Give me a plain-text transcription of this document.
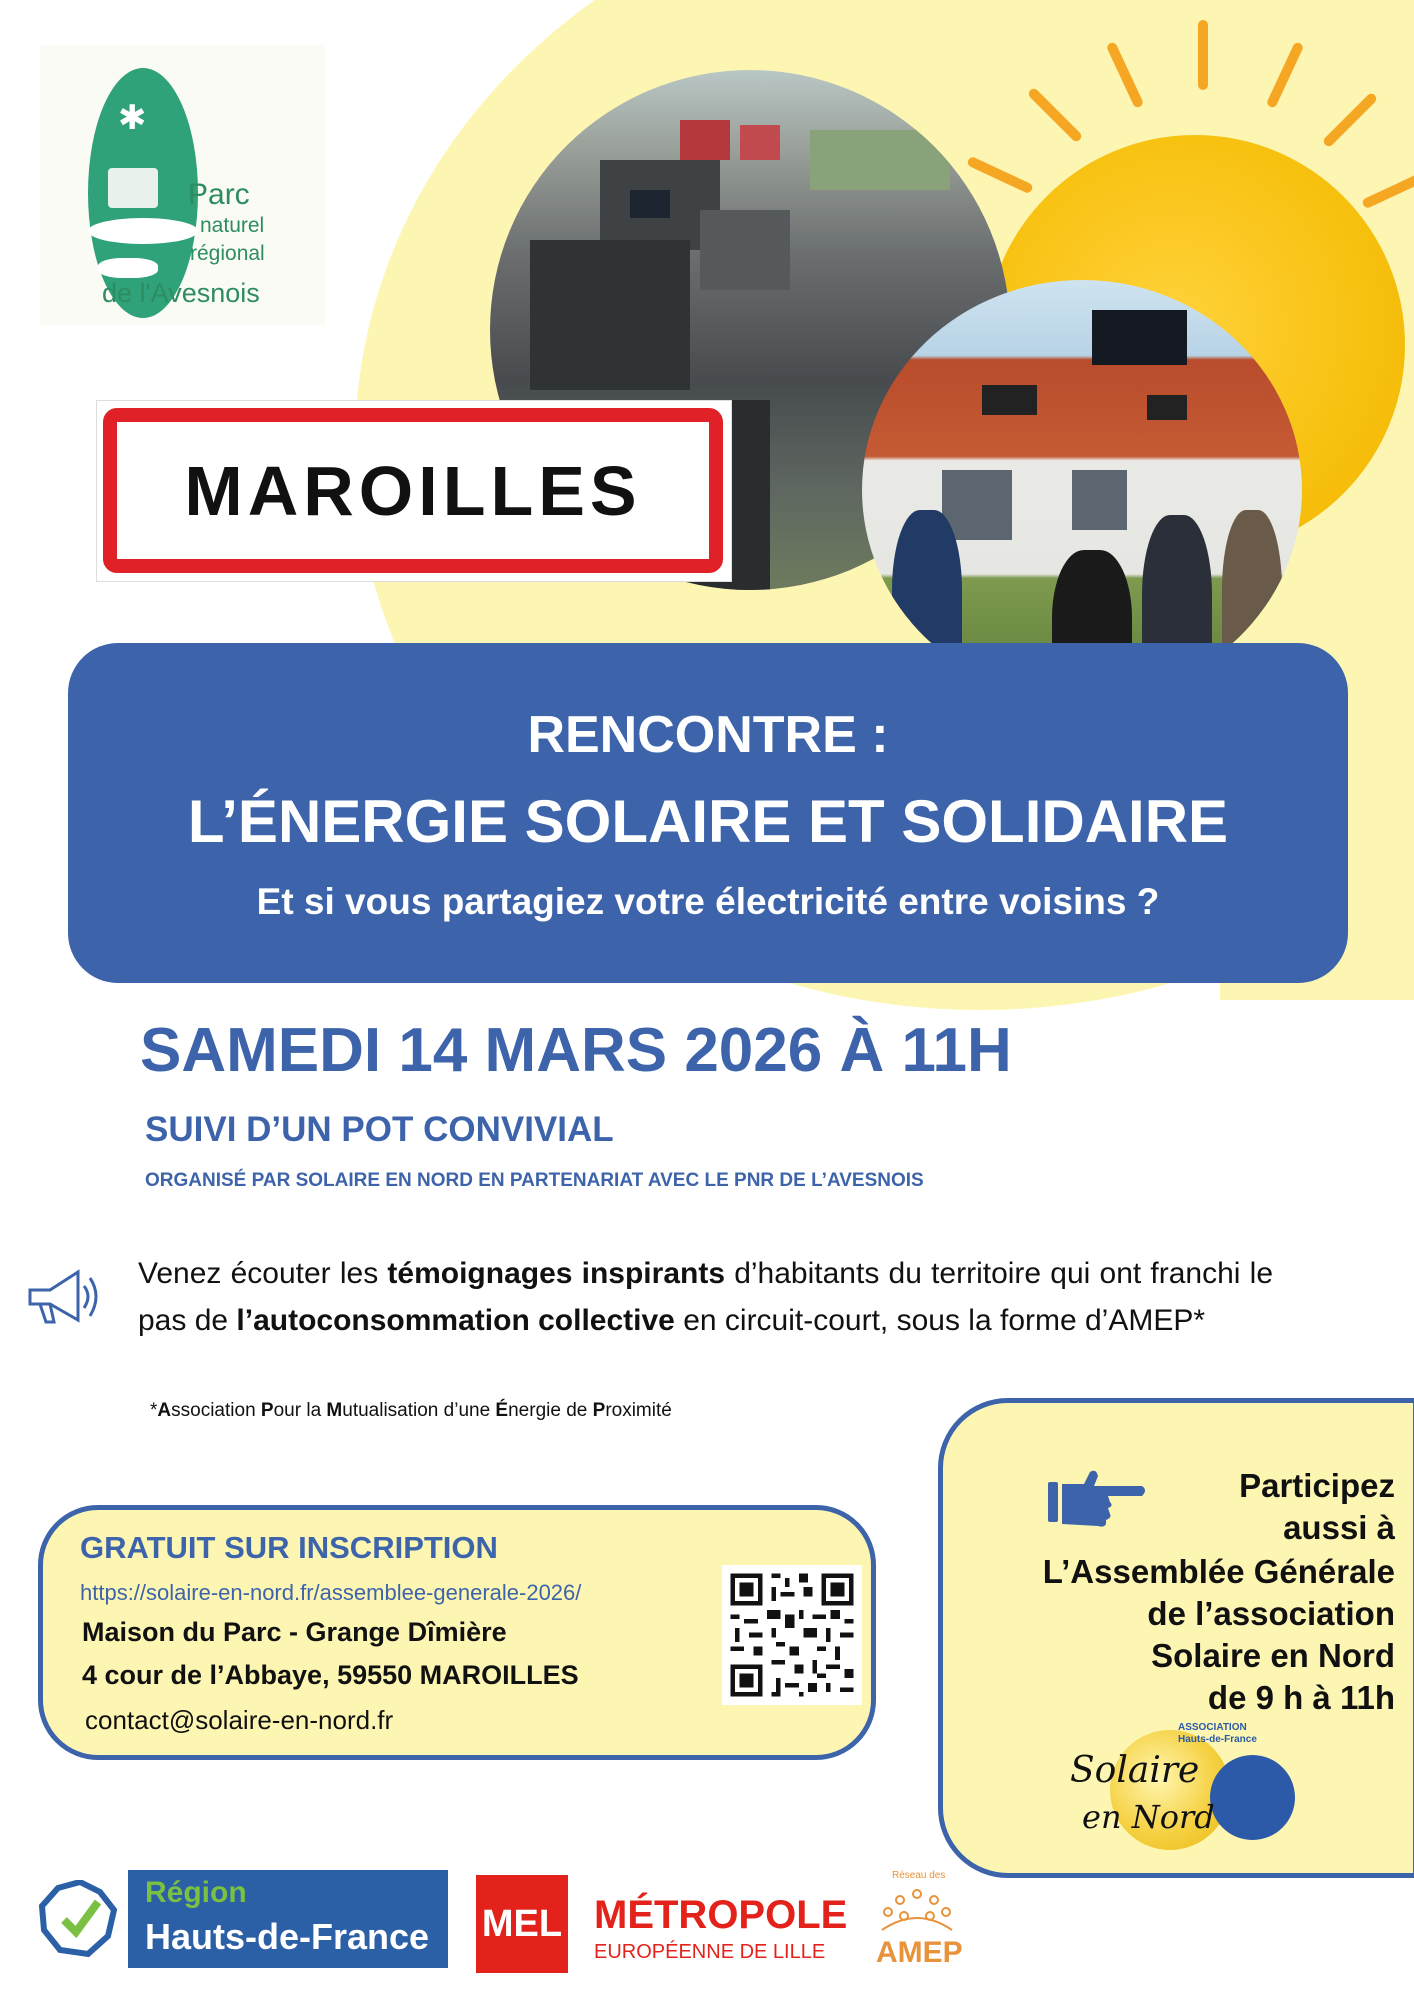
✱
Parc
naturel
régional
de l'Avesnois
MAROILLES
RENCONTRE :
L’ÉNERGIE SOLAIRE ET SOLIDAIRE
Et si vous partagiez votre électricité entre voisins ?
SAMEDI 14 MARS 2026 À 11H
SUIVI D’UN POT CONVIVIAL
ORGANISÉ PAR SOLAIRE EN NORD EN PARTENARIAT AVEC LE PNR DE L’AVESNOIS
Venez écouter les témoignages inspirants d’habitants du territoire qui ont franchi le pas de l’autoconsommation collective en circuit-court, sous la forme d’AMEP*
*Association Pour la Mutualisation d’une Énergie de Proximité
GRATUIT SUR INSCRIPTION
https://solaire-en-nord.fr/assemblee-generale-2026/
Maison du Parc - Grange Dîmière
4 cour de l’Abbaye, 59550 MAROILLES
contact@solaire-en-nord.fr
Participez
aussi à
L’Assemblée Générale
de l’association
Solaire en Nord
de 9 h à 11h
ASSOCIATION
Hauts-de-France
Solaire
en Nord
Région
Hauts-de-France MEL MÉTROPOLE
EUROPÉENNE DE LILLE
Réseau des
AMEP
